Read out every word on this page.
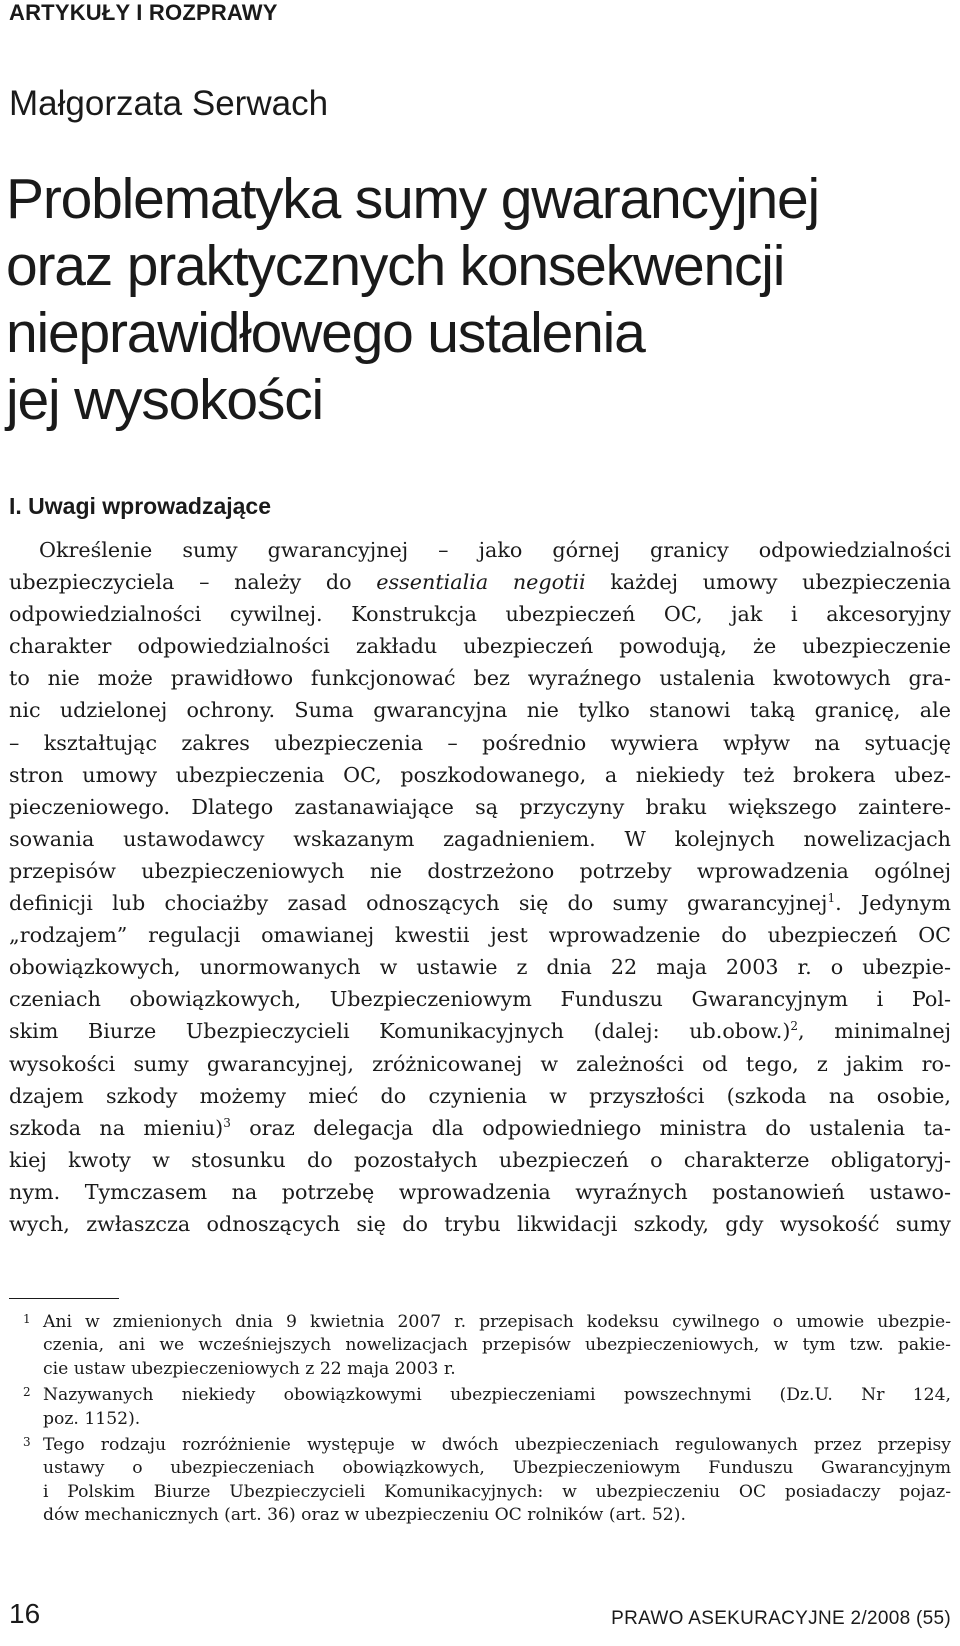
ARTYKUŁY I ROZPRAWY
Małgorzata Serwach
Problematyka sumy gwarancyjnej
oraz praktycznych konsekwencji
nieprawidłowego ustalenia
jej wysokości
I. Uwagi wprowadzające
Określenie sumy gwarancyjnej – jako górnej granicy odpowiedzialności
ubezpieczyciela – należy do essentialia negotii każdej umowy ubezpieczenia
odpowiedzialności cywilnej. Konstrukcja ubezpieczeń OC, jak i akcesoryjny
charakter odpowiedzialności zakładu ubezpieczeń powodują, że ubezpieczenie
to nie może prawidłowo funkcjonować bez wyraźnego ustalenia kwotowych gra-
nic udzielonej ochrony. Suma gwarancyjna nie tylko stanowi taką granicę, ale
– kształtując zakres ubezpieczenia – pośrednio wywiera wpływ na sytuację
stron umowy ubezpieczenia OC, poszkodowanego, a niekiedy też brokera ubez-
pieczeniowego. Dlatego zastanawiające są przyczyny braku większego zaintere-
sowania ustawodawcy wskazanym zagadnieniem. W kolejnych nowelizacjach
przepisów ubezpieczeniowych nie dostrzeżono potrzeby wprowadzenia ogólnej
definicji lub chociażby zasad odnoszących się do sumy gwarancyjnej$^1$. Jedynym
„rodzajem” regulacji omawianej kwestii jest wprowadzenie do ubezpieczeń OC
obowiązkowych, unormowanych w ustawie z dnia 22 maja 2003 r. o ubezpie-
czeniach obowiązkowych, Ubezpieczeniowym Funduszu Gwarancyjnym i Pol-
skim Biurze Ubezpieczycieli Komunikacyjnych (dalej: ub.obow.)$^2$, minimalnej
wysokości sumy gwarancyjnej, zróżnicowanej w zależności od tego, z jakim ro-
dzajem szkody możemy mieć do czynienia w przyszłości (szkoda na osobie,
szkoda na mieniu)$^3$ oraz delegacja dla odpowiedniego ministra do ustalenia ta-
kiej kwoty w stosunku do pozostałych ubezpieczeń o charakterze obligatoryj-
nym. Tymczasem na potrzebę wprowadzenia wyraźnych postanowień ustawo-
wych, zwłaszcza odnoszących się do trybu likwidacji szkody, gdy wysokość sumy
1 Ani w zmienionych dnia 9 kwietnia 2007 r. przepisach kodeksu cywilnego o umowie ubezpie-
czenia, ani we wcześniejszych nowelizacjach przepisów ubezpieczeniowych, w tym tzw. pakie-
cie ustaw ubezpieczeniowych z 22 maja 2003 r.
2 Nazywanych niekiedy obowiązkowymi ubezpieczeniami powszechnymi (Dz.U. Nr 124,
poz. 1152).
3 Tego rodzaju rozróżnienie występuje w dwóch ubezpieczeniach regulowanych przez przepisy
ustawy o ubezpieczeniach obowiązkowych, Ubezpieczeniowym Funduszu Gwarancyjnym
i Polskim Biurze Ubezpieczycieli Komunikacyjnych: w ubezpieczeniu OC posiadaczy pojaz-
dów mechanicznych (art. 36) oraz w ubezpieczeniu OC rolników (art. 52).
16	PRAWO ASEKURACYJNE 2/2008 (55)
